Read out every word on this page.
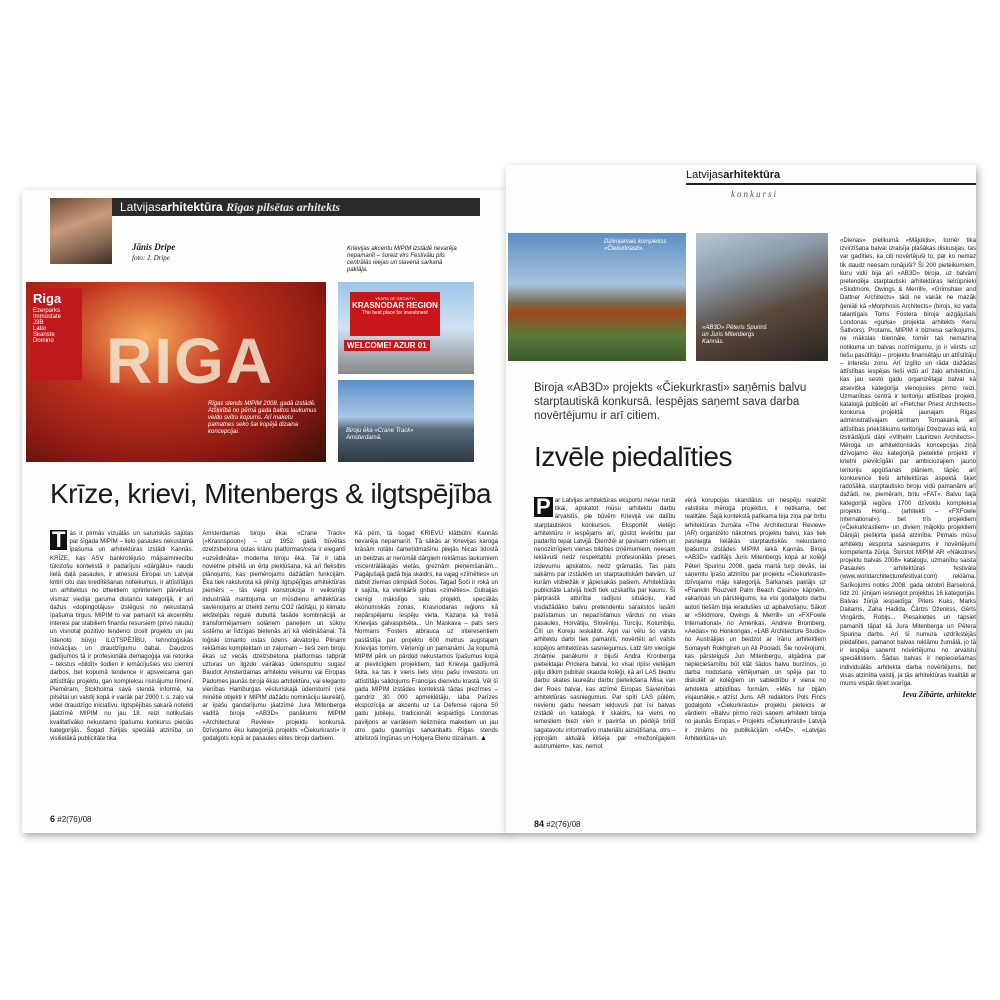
Latvijasarhitektūra Rīgas pilsētas arhitekts
Jānis Dripe
foto: J. Dripe
Krievijas akcentu MIPIM izstādē nevarēja nepamanīt – šoreiz virs Festivālu pils centrālās ieejas un slavenā sarkanā paklāja.
Riga
Ezerparks
Immostate
J3B
Latio
Skanste
Domino RIGA
Rīgas stends MIPIM 2008. gadā izstādē. Atšķirībā no pērnā gada baltos laukumus veido svītru kopums. Arī maketu pamatnes seko šai kopējā dizaina koncepcijai.
YEARS OF GROWTH
KRASNODAR REGION
The best place for investment
WELCOME! AZUR 01
Biroju ēka «Crane Track» Amsterdamā.
Krīze, krievi, Mitenbergs & ilgtspējība
T ās ir pirmās vizuālās un saturiskās sajūtas par šīgada MIPIM – lielo pasaules nekustamā īpašuma un arhitektūras izstādi Kannās. KRĪZE, kas ASV bankrotējušo mājsaimniecību tūkstošu kontekstā ir padarījusi «dārgāku» naudu lielā daļā pasaules, ir atnesusi Eiropai un Latvijai kritiri citu das kredītēšanas noteikumus, ir attīstītājus un arhitektus no iztiektiem sprinteriem pārvērtusi vismaz viedija garuma distanču kategorijā, ir arī dažus «dopingotājus» izslēgusi no nekustamā īpašuma tirgus. MIPIM to var pamanīt kā akcentētu interesi par stabiliem finanšu resursiem (privo naudu) un visnotaļ pozitīvo tendenci izcelt projektu un jau īstenoto būvju ILGTSPĒJĪBU, tehnoloģiskās inovācijas un draudzīgumu dabai. Daudzos gadījumos tā ir profesionāla demagoģija vai retorika – tekstus «bildīt» šodien ir iemācījušies visi ciemiņi darbos, bet kopumā tendence ir apsveicama gan attīstītāju projektu, gan kompleksu risinājumu līmenī. Piemēram, Stokholma savā stendā informē, ka pilsētai un valstij kopā ir vairāk par 2000 t. s. zaļo vai videi draudzīgo iniciatīvu. Ilgtspējības sakarā noteikti jāatzīmē MIPIM nu jau 18. reizi notikušais kvalitatīvāko nekustamo īpašumu konkurss pieciās kategorijās. Šogad žūrijas speciālā atzinība un visilielākā publicitāte tika
Amsterdamas biroju ēkai «Crane Track» («Krasnspoon») – uz 1952. gadā būvētas dzelzsbetona ostas krānu platformas/ceļa ir elegantī «uzsēdināta» moderna biroju ēka. Tai ir laba novietne pilsētā un ērta piekļūšana, kā arī fleksibls plānojums, kas piemērojams dažādām funkcijām. Ēka tiek raksturota kā pilnīgi ilgtspējīgas arhitektūras piemērs – tās viegli konstrukcija ir veiksmīgi industriālā mantojuma un mūsdienu arhitektūras savienojums ar izteikti zemu CO2 rādītāju, jo klimatu iekštelpās regulē dubultā fasāde kombinācijā ar transformējamiem solāriem paneļiem un sūkņu sistēmu ar līdzīgas bietenās arī kā vēdināšanai. Tā loģiski izmanto ostas ūdens akvatoriju. Pilnami reklāmas komplektam un zaļumam – tieši zem biroju ēkas uz vecās dzelzsbetona platformas labprāt uzturas un ligzdo vairākas ūdensputnu sugas! Baudot Amsterdamas arhitektu veikumu vai Eiropas Padomes jaunās biroja ēkas arhitektūru, vai eleganto vienības Hamburgas vēsturiskajā ūdenstornī (visi minētie objekti ir MIPIM dažādu nomināciju laureāti), ar īpašu gandarījumu jāatzīmē Jura Mitenberga vadītā biroja «AB3D» panākums MIPIM «Architectural Review» projektu konkursā. Dzīvojamo ēku kategorijā projekts «Čiekurkrasti» ir godalgots kopā ar pasaules elites biroju darbiem.
Kā pēm, tā šogad KRIEVU klātbūtni Kannās nevarēja nepamanīt. Tā sākās ar Krievijas karoga krāsām rotātu čarterlidmašīnu pilejās Nicas lidostā un beidzas ar neromāli dārgiem reklāmas laukumiem viscentrālākajās vietās, greznām pieņemšanām... Pagājušajā gadā bija skaidrs, ka vajag «zīmēties» un dabūt ziemas olimpiādi Sočos. Tagad Soči ir rokā un ir sajūta, ka vienkārši gribas «zīmēties». Dubaijas cienīgi mākslīgo salu projekti, speciālās ekonomiskās zonas, Krasnodaras reģions kā nepārspējamu iespēju vieta, Kazaņa kā trešā Krievijas galvaspilsēta... Un Maskava – pats sers Normans Fosters atbrauca uz interesentiem pastāstīja par projektu 600 metrus augstajam Krievijas tornim. Vērienīgi un pamanāmi. Ja kopumā MIPIM pērk un pārdod nekustamos īpašumus kopā ar pievilcīgiem projektiem, tad Krievija gadījumā šķita, ka tas ir viens liels viņu pašu investoru un attīstītāju salidojums Francijas dienvidu krastā. Vēl šī gada MIPIM izstādes kontekstā tādas piezīmes – gandrīz 30 000 apmeklētāju, laba Parīzes ekspozīcija ar akcentu uz La Defense rajona 50 gadu jubileju, tradicionāli iespaidīgs Londonas paviljons ar vairākiem lielizmēra maketiem un jau otro gadu gaumīgs sarkanbalts Rīgas stends atbilstoši Ingūnas un Holgera Elenu dizainam. ▲
6 #2(76)/08
Latvijasarhitektūra
konkursi
Dzīvojamais komplekss «Čiekurkrasti».
«AB3D» Pēteris Spurinš un Juris Mitenbergs Kannās.
Biroja «AB3D» projekts «Čiekurkrasti» saņēmis balvu starptautiskā konkursā. Iespējas saņemt sava darba novērtējumu ir arī citiem.
Izvēle piedalīties
P ar Latvijas arhitektūras eksportu nevar runāt tikai, apskatot mūsu arhitektu darbu ārvalstīs, pie būvēm Krievijā vai dalību starptautiskos konkursos. Eksportēt vietējo arhitektūru ir iespējams arī, gūstot ievērību par padarīto tepat Latvijā. Diemžēl ar pavisam retiem un nenozīmīgiem vienas bildītes izņēmumiem, neesam ieklāvuši nedz respektablu profesionālās preses izdevumu apskatos, nedz grāmatās. Tas pats sakāms par izstādēm un starptautiskām balvām, uz kurām visbiežāk ir jāpiesakās pašiem. Arhitektūras publicitāte Latvijā bieži tiek uzskatīta par kaunu. Šī pārprastā atturība radījusi situāciju, kad visdažādāko balvu pretendentu sarakstos lasām pazīstamus un nepazīstamus vārdus no visas pasaules, Horvātiju, Slovēniju, Turciju, Kolumbiju, Čīli un Koreju ieskaitot. Agri vai vēlu šo valstu arhitektu darbi tiek pamanīti, novērtēti arī valsts kopējos arhitektūras sasniegumus. Lidz šim vienīgie zināmie panākumi ir bijuši Andra Kronberga pieteiktajai Prickera balvai, ko visai ripīsi vietējam pilju dilkim publiski skauda kolēģi, kā arī LAS biedru darbu skates laureātu darbu pieteikšana Misa van der Roes balvai, kas atzīmē Eiropas Savienības arhitektūras sasniegumus. Par spīti LAS pūlēm, nevienu gadu neesam iekļuvuši pat īsi balvas izstādē un katalogā. Ir skaidrs, ka viens no iemesliem biezi vien ir pavirša un pēdējā brīdī sagatavotu informatīvo materiālu aizsūtīšana, otrs – joprojām aktuālā kilšeja par «mežonīgajiem austrumiem», kas, nemot
vērā korupcijas skandālus un nespēju realizēt valstiska mēroga projektus, ir netikama, bet realitāte. Šajā kontekstā patīkama bija ziņa par britu arhitektūras žurnāla «The Architectural Review» (AR) organizēto nākotnes projektu balvu, kas tiek pasniegta lielākās starptautiskās nekustamo īpašumu izstādes MIPIM laikā Kannās. Biroja «AB3D» vadītājs Juris Mitenbergs kopā ar kolēģi Pēteri Spuriņu 2008. gada martā turp devās, lai saņemtu īpašo atzinību par projektu «Čiekurkrasti» dzīvojamo māju kategorijā. Sarkanais paklājs uz «Franklin Rouzvelt Palm Beach Casino» kāpņēm, vakariņas un pārsteigums, ka visi godalgoto darbu autori tiešām bija ieradušies uz apbalvošanu. Sākot ar «Skidmore, Owings & Merrill» un «FXFowle International» no Amerikas, Andrew Bromberg, «Aedas» no Honkongas, «LAB Architecture Studio» no Austrālijas un beidzot ar īrānu arhitektiem Somayeh Rokhgireh un Ali Pooladi. Šie novērojumi, kas pārsteiguši Juri Mitenbergu, atgādina par nepieciešamību būt klāt šādos balvu burzīnos, jo darba nodošana vērtējumam un spēja par to diskutēt ar kolēģiem un sabiedrību ir viena no arhitekta atbildības formām. «Mēs tur bijām visjaunākie,» atzīst Juris. AR redaktors Pols Finčs godalgoto «Čiekurkrastu» projektu pieteicis ar vārdiem: «Balvu pirmo reizi saņem arhitekti biroja no jaunās Eiropas.» Projekts «Čiekurkrasti» Latvijā ir zināms no publikācijām «A4D», «Latvijas Arhitektūra» un
«Dienas» pielikumā «Mājokļis», tornēr tika izvirzīšana balvai izraisīja plašākas diskusijas, tas var gadīties, ka citi novērtējuši to, par ko nemaz tik daudz neesam runājuši? Šī 200 pieteikumiem, kuru vidū bija arī «AB3D» biroja, uz balvām pretendēja starptautiski arhitektūras lielrūpnieki «Skidmore, Owings & Merrill», «Grimshaw and Dattner Architects» tādi ne vairāk ne mazāk ģeniāli kā «Morphosis Architects» (birojs, ko vada talantīgais Toms Fostera biroja aizgājušais Londonas «gurķa» projekta arhitekts Kens Šatlvors). Protams, MIPIM ir biznesa sarīkojums, ne mākslas biennāle, tomēr tas nemazina notikuma un balvas nozīmīgumu, jo ir vērsts uz tiešu pasūtītāju – projektu finansētāju un attīstītāju – interešu zonu. Arī izglīto un rāda dažādas attīstības iespējas tieši vidū arī zaļo arhitektūru, kas jau sesto gadu organizētajai balvai kā atsevišķa kategorija vienojusies pirmo reizi. Uzmanības centrā ir teritoriju attīstības projekti, katalogā publicēti arī «Fletcher Priest Architects» konkursa projektā jaunajam Rīgas administratīvajam centram Torņakalnā, arī attīstības priekšlikums teritorijai Dzelzavas ielā, ko izstrādājuši dāņi «Vilhelm Lauritzen Architects». Mēroga un arhitektoniskās koncepcijas ziņā dzīvojamo ēku kategorijā pieteiktie projekti ir krietni pievilcīgāki par ambiciozajiem jauno teritoriju apgūšanas plāniem, tāpēc arī konkurence tieši arhitektūras aspektā šķiet radošāka, starptautisko biroju vidū pamanāmi arī dažādi, ne, piemēram, britu «FAT». Balvu šajā kategorijā iegūva 1700 dzīvokļu kompleksa projekts Hong... (arhitekti – «FXFowle International»), bet trīs projektiem («Čiekurkrastiem» un diviem mājokļu projektiem Dānijā) piešķirta īpašā atzinība. Pirmais mūsu arhitektu eksporta sasniegums ir novērtējumi kompetenta žūrija. Šķirstot MIPIM AR «Nākotnes projektu balvas 2008» katalogu, uzmanību saista Pasaules arhitektūras festivāla (www.worldarchitecturefestival.com) reklāma. Sarīkojums notiks 2008. gada oktobrī Barselonā, līdz 20. jūnijam iesniegot projektus 16 kategorijās. Balvas žūrijā iespaidīga: Piters Kuks, Marks Daitams, Zaha Hadida, Čārlzs Dženkss, Gērts Vingārds, Robijs... Piesakieties un tapsiet pamanīti tāpat kā Jura Mitenberga un Pētera Spuriņa darbs. Arī šī numura uzdrīkstējās piedalīties, pamanot balvas reklāmu žurnālā, jo tā ir iespēja saņemt novērtējumu no arvalstu speciālistiem. Šādas balvas ir nepieciešamas individuālās arhitekta darba novērtējums, bet visas atzinība valstij, ja tās arhitektūras kvalitāti ar mums vispār šķiet svarīga.
Ieva Zibārte, arhitekte
84 #2(76)/08
